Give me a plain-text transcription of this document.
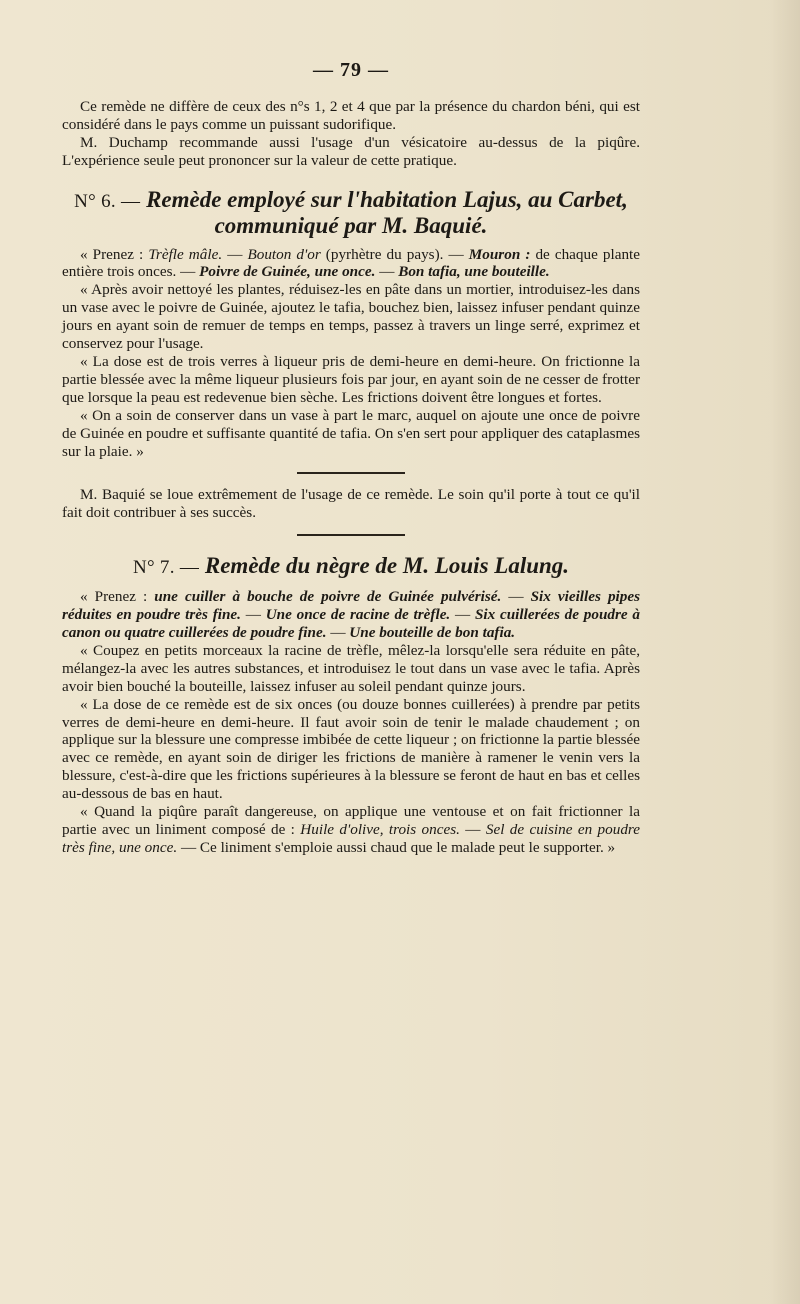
— 79 —

Ce remède ne diffère de ceux des n°s 1, 2 et 4 que par la présence du chardon béni, qui est considéré dans le pays comme un puissant sudorifique.

M. Duchamp recommande aussi l'usage d'un vésicatoire au-dessus de la piqûre. L'expérience seule peut prononcer sur la valeur de cette pratique.

N° 6. — Remède employé sur l'habitation Lajus, au Carbet,
communiqué par M. Baquié.

« Prenez : Trèfle mâle. — Bouton d'or (pyrhètre du pays). — Mouron : de chaque plante entière trois onces. — Poivre de Guinée, une once. — Bon tafia, une bouteille.

« Après avoir nettoyé les plantes, réduisez-les en pâte dans un mortier, introduisez-les dans un vase avec le poivre de Guinée, ajoutez le tafia, bouchez bien, laissez infuser pendant quinze jours en ayant soin de remuer de temps en temps, passez à travers un linge serré, exprimez et conservez pour l'usage.

« La dose est de trois verres à liqueur pris de demi-heure en demi-heure. On frictionne la partie blessée avec la même liqueur plusieurs fois par jour, en ayant soin de ne cesser de frotter que lorsque la peau est redevenue bien sèche. Les frictions doivent être longues et fortes.

« On a soin de conserver dans un vase à part le marc, auquel on ajoute une once de poivre de Guinée en poudre et suffisante quantité de tafia. On s'en sert pour appliquer des cataplasmes sur la plaie. »

M. Baquié se loue extrêmement de l'usage de ce remède. Le soin qu'il porte à tout ce qu'il fait doit contribuer à ses succès.

N° 7. — Remède du nègre de M. Louis Lalung.

« Prenez : une cuiller à bouche de poivre de Guinée pulvérisé. — Six vieilles pipes réduites en poudre très fine. — Une once de racine de trèfle. — Six cuillerées de poudre à canon ou quatre cuillerées de poudre fine. — Une bouteille de bon tafia.

« Coupez en petits morceaux la racine de trèfle, mêlez-la lorsqu'elle sera réduite en pâte, mélangez-la avec les autres substances, et introduisez le tout dans un vase avec le tafia. Après avoir bien bouché la bouteille, laissez infuser au soleil pendant quinze jours.

« La dose de ce remède est de six onces (ou douze bonnes cuillerées) à prendre par petits verres de demi-heure en demi-heure. Il faut avoir soin de tenir le malade chaudement ; on applique sur la blessure une compresse imbibée de cette liqueur ; on frictionne la partie blessée avec ce remède, en ayant soin de diriger les frictions de manière à ramener le venin vers la blessure, c'est-à-dire que les frictions supérieures à la blessure se feront de haut en bas et celles au-dessous de bas en haut.

« Quand la piqûre paraît dangereuse, on applique une ventouse et on fait frictionner la partie avec un liniment composé de : Huile d'olive, trois onces. — Sel de cuisine en poudre très fine, une once. — Ce liniment s'emploie aussi chaud que le malade peut le supporter. »
